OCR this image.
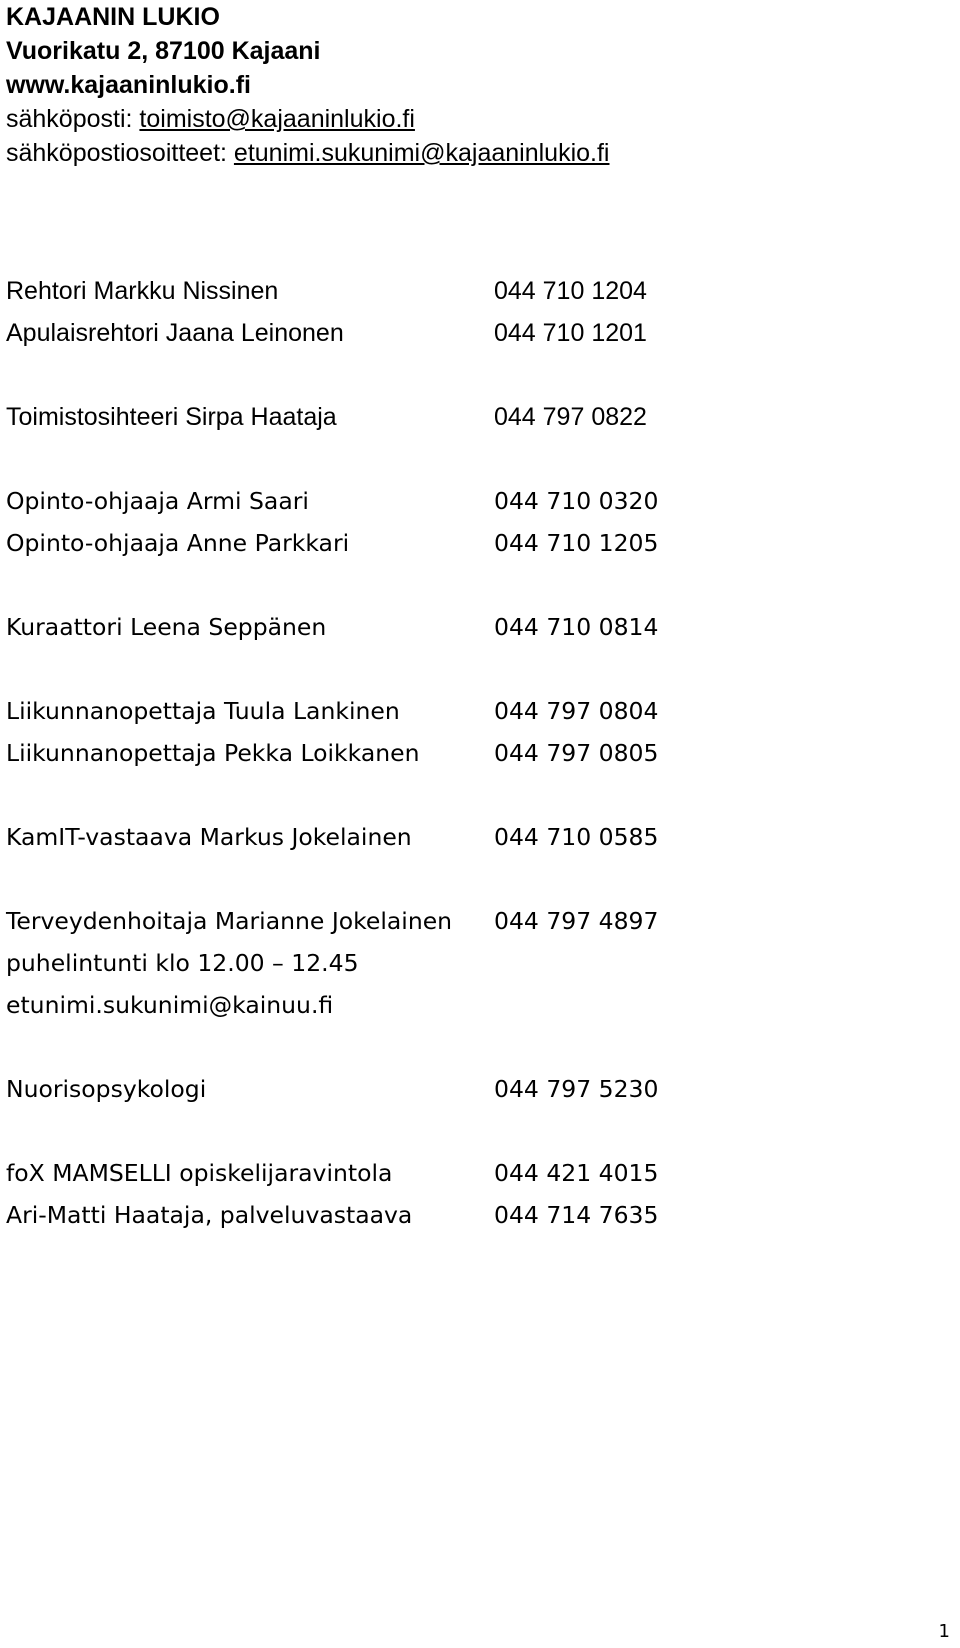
KAJAANIN LUKIO
Vuorikatu 2, 87100 Kajaani
www.kajaaninlukio.fi
sähköposti: toimisto@kajaaninlukio.fi
sähköpostiosoitteet: etunimi.sukunimi@kajaaninlukio.fi
Rehtori Markku Nissinen	044 710 1204
Apulaisrehtori Jaana Leinonen	044 710 1201
Toimistosihteeri Sirpa Haataja	044 797 0822
Opinto-ohjaaja Armi Saari	044 710 0320
Opinto-ohjaaja Anne Parkkari	044 710 1205
Kuraattori Leena Seppänen	044 710 0814
Liikunnanopettaja Tuula Lankinen	044 797 0804
Liikunnanopettaja Pekka Loikkanen	044 797 0805
KamIT-vastaava Markus Jokelainen	044 710 0585
Terveydenhoitaja Marianne Jokelainen 044 797 4897
puhelintunti klo 12.00 – 12.45
etunimi.sukunimi@kainuu.fi
Nuorisopsykologi	044 797 5230
foX MAMSELLI opiskelijaravintola	044 421 4015
Ari-Matti Haataja, palveluvastaava	044 714 7635
1
